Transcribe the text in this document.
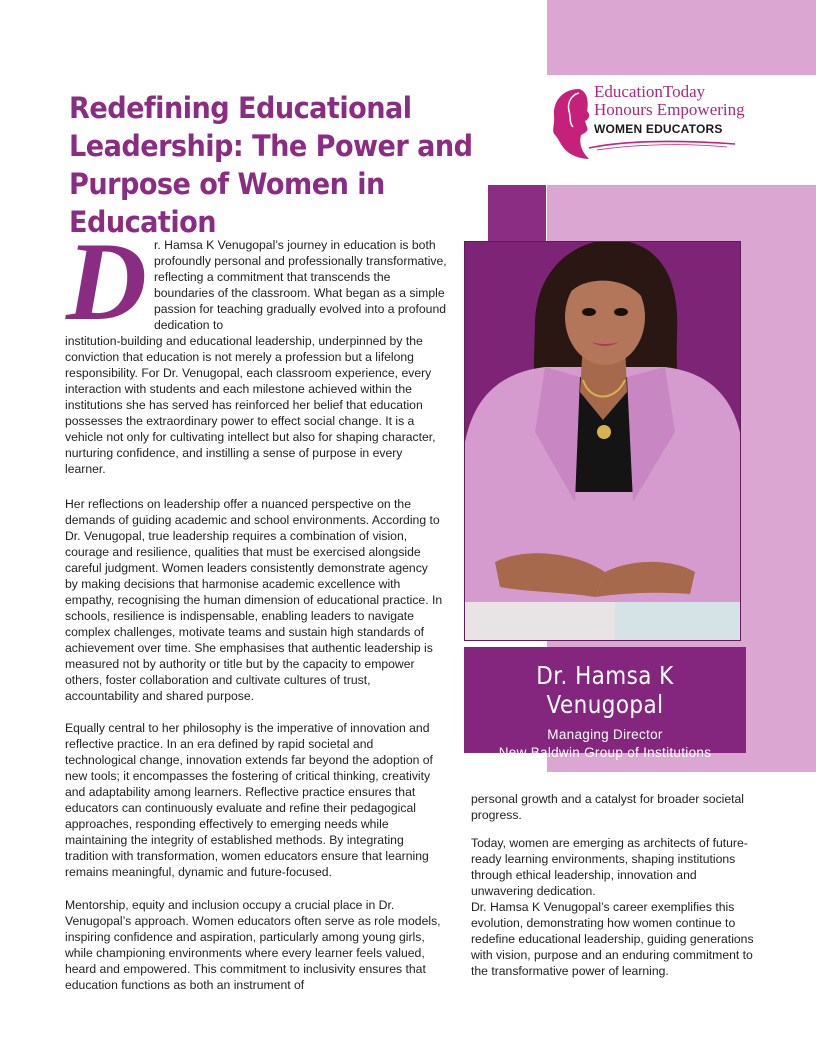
EducationToday
Honours Empowering
WOMEN EDUCATORS
Redefining Educational Leadership: The Power and Purpose of Women in Education
D r. Hamsa K Venugopal’s journey in education is both profoundly personal and professionally transformative, reflecting a commitment that transcends the boundaries of the classroom. What began as a simple passion for teaching gradually evolved into a profound dedication to

institution-building and educational leadership, underpinned by the conviction that education is not merely a profession but a lifelong responsibility. For Dr. Venugopal, each classroom experience, every interaction with students and each milestone achieved within the institutions she has served has reinforced her belief that education possesses the extraordinary power to effect social change. It is a vehicle not only for cultivating intellect but also for shaping character, nurturing confidence, and instilling a sense of purpose in every learner.

Her reflections on leadership offer a nuanced perspective on the demands of guiding academic and school environments. According to Dr. Venugopal, true leadership requires a combination of vision, courage and resilience, qualities that must be exercised alongside careful judgment. Women leaders consistently demonstrate agency by making decisions that harmonise academic excellence with empathy, recognising the human dimension of educational practice. In schools, resilience is indispensable, enabling leaders to navigate complex challenges, motivate teams and sustain high standards of achievement over time. She emphasises that authentic leadership is measured not by authority or title but by the capacity to empower others, foster collaboration and cultivate cultures of trust, accountability and shared purpose.

Equally central to her philosophy is the imperative of innovation and reflective practice. In an era defined by rapid societal and technological change, innovation extends far beyond the adoption of new tools; it encompasses the fostering of critical thinking, creativity and adaptability among learners. Reflective practice ensures that educators can continuously evaluate and refine their pedagogical approaches, responding effectively to emerging needs while maintaining the integrity of established methods. By integrating tradition with transformation, women educators ensure that learning remains meaningful, dynamic and future-focused.

Mentorship, equity and inclusion occupy a crucial place in Dr. Venugopal’s approach. Women educators often serve as role models, inspiring confidence and aspiration, particularly among young girls, while championing environments where every learner feels valued, heard and empowered. This commitment to inclusivity ensures that education functions as both an instrument of

Dr. Hamsa K Venugopal
Managing Director
New Baldwin Group of Institutions

personal growth and a catalyst for broader societal progress.

Today, women are emerging as architects of future-ready learning environments, shaping institutions through ethical leadership, innovation and unwavering dedication.

Dr. Hamsa K Venugopal’s career exemplifies this evolution, demonstrating how women continue to redefine educational leadership, guiding generations with vision, purpose and an enduring commitment to the transformative power of learning.
